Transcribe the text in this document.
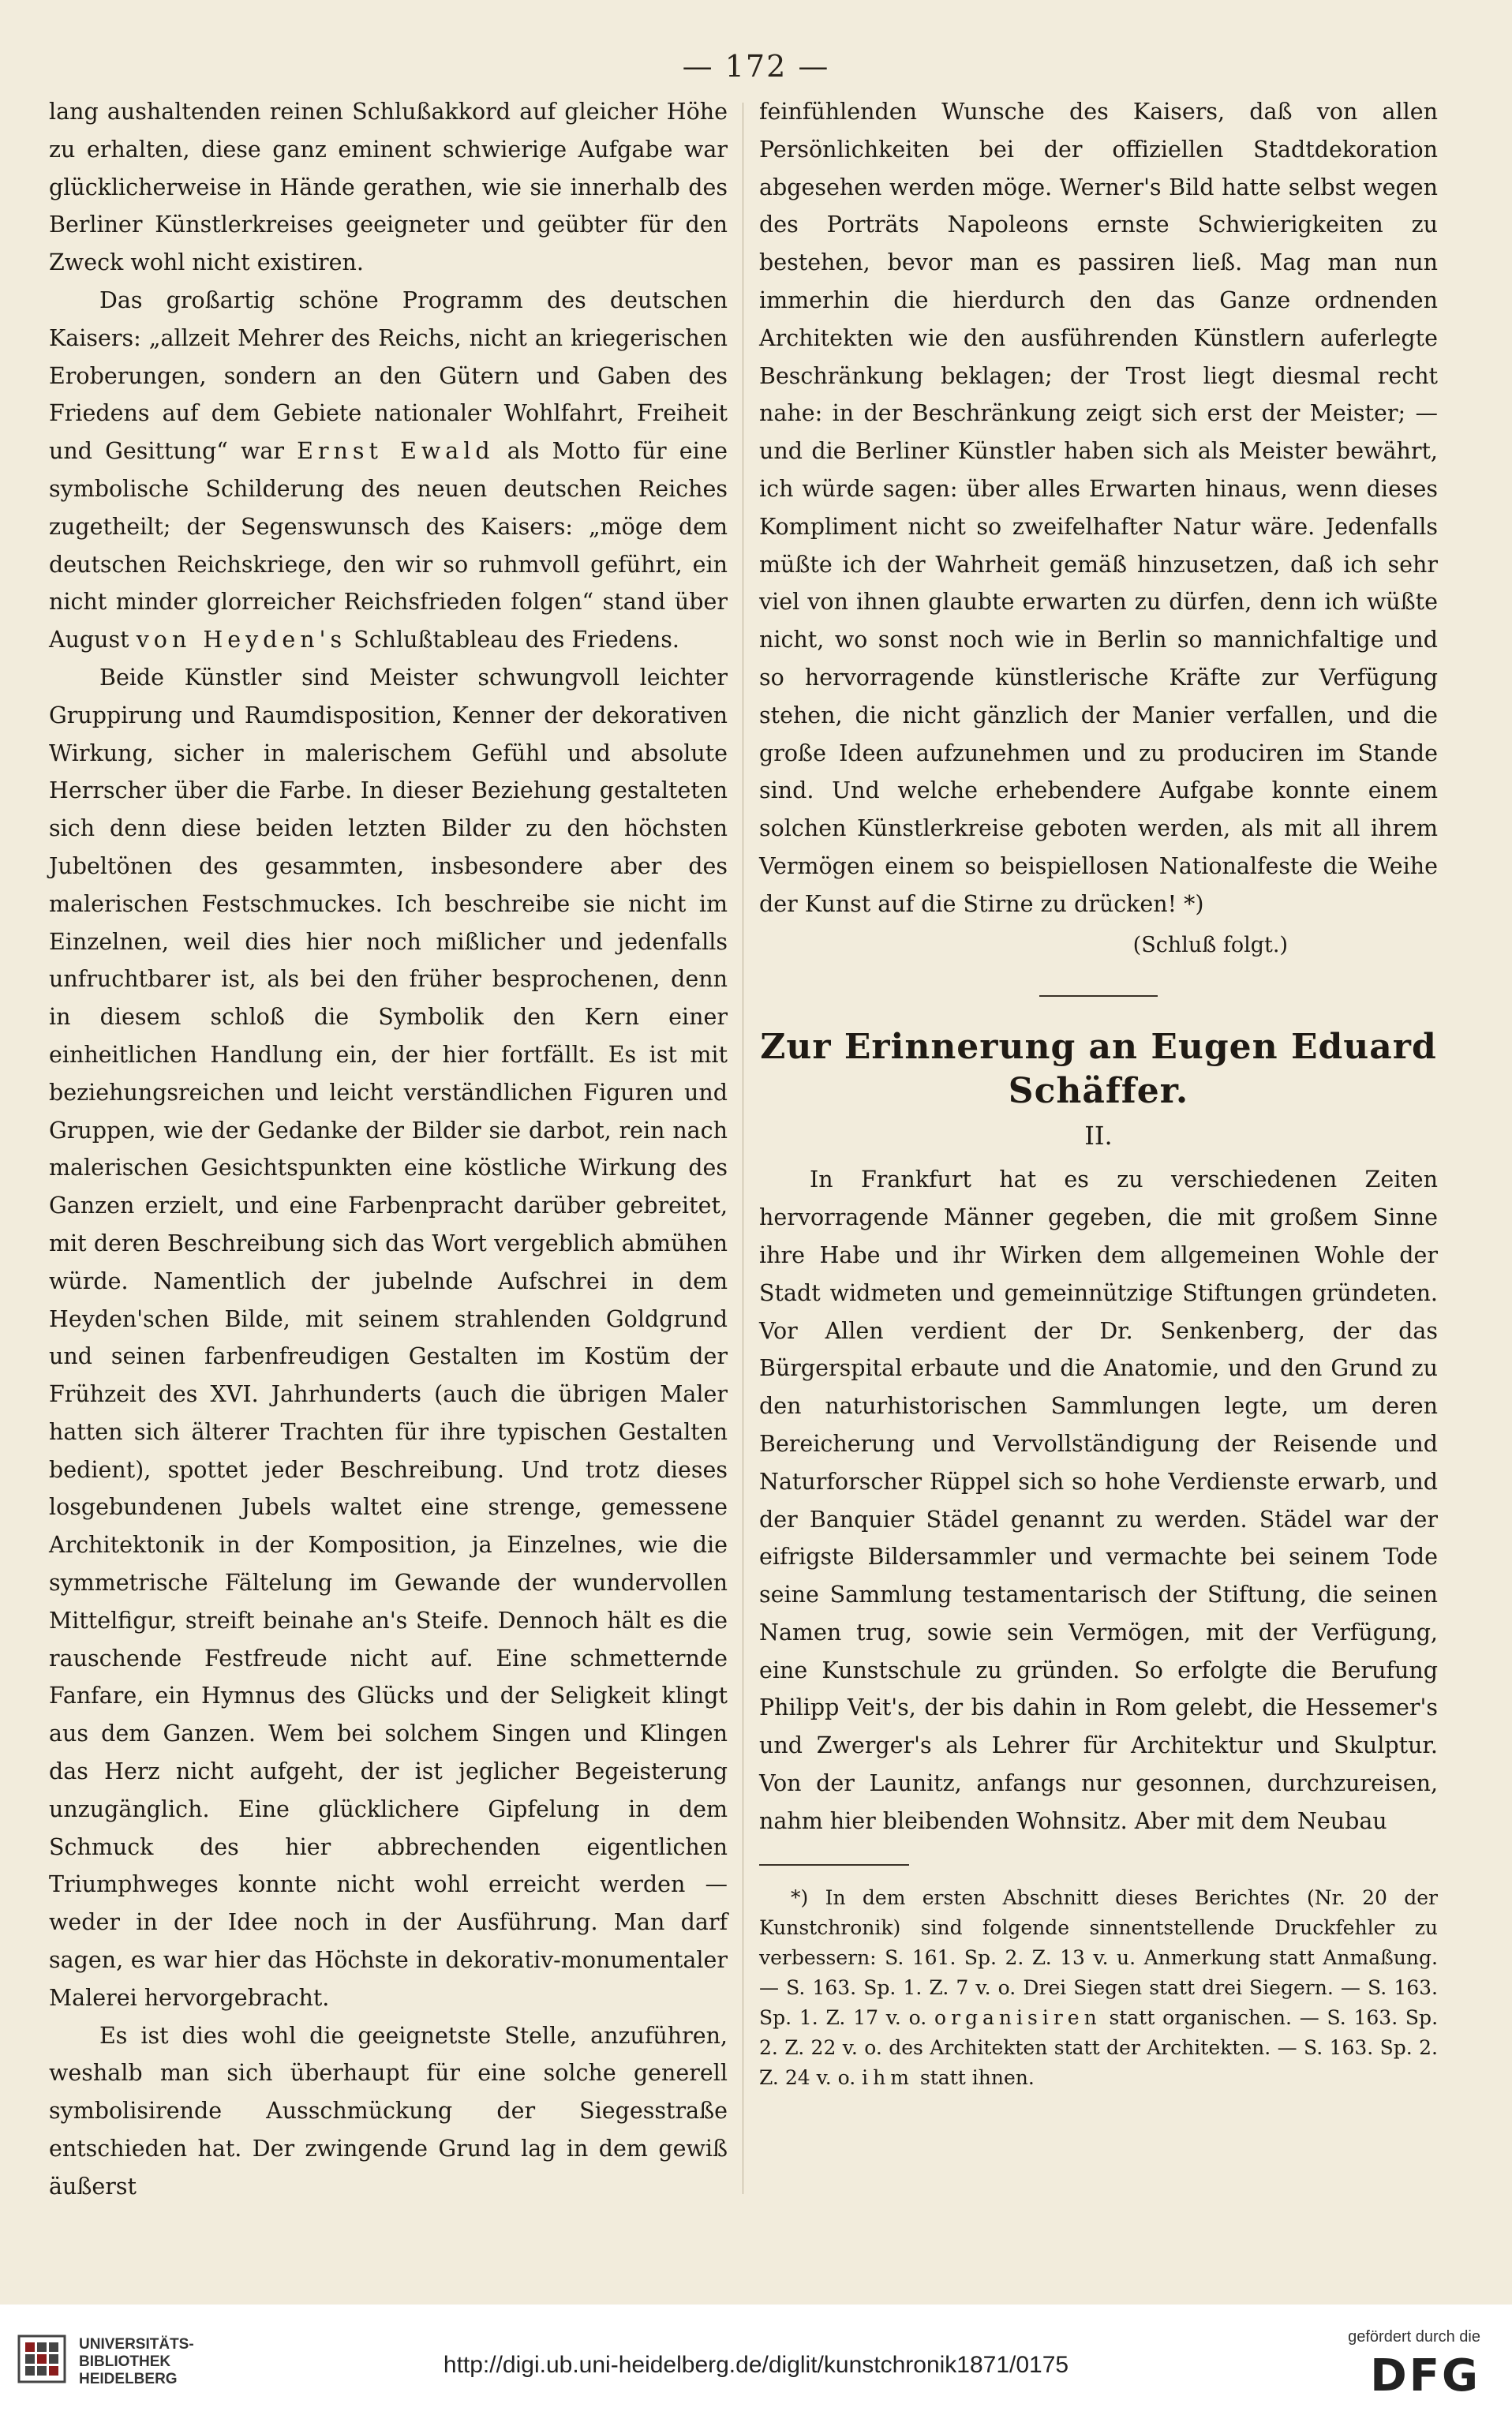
— 172 —

lang aushaltenden reinen Schlußakkord auf gleicher Höhe zu erhalten, diese ganz eminent schwierige Aufgabe war glücklicherweise in Hände gerathen, wie sie innerhalb des Berliner Künstlerkreises geeigneter und geübter für den Zweck wohl nicht existiren.

Das großartig schöne Programm des deutschen Kaisers: „allzeit Mehrer des Reichs, nicht an kriegerischen Eroberungen, sondern an den Gütern und Gaben des Friedens auf dem Gebiete nationaler Wohlfahrt, Freiheit und Gesittung“ war Ernst Ewald als Motto für eine symbolische Schilderung des neuen deutschen Reiches zugetheilt; der Segenswunsch des Kaisers: „möge dem deutschen Reichskriege, den wir so ruhmvoll geführt, ein nicht minder glorreicher Reichsfrieden folgen“ stand über August von Heyden's Schlußtableau des Friedens.

Beide Künstler sind Meister schwungvoll leichter Gruppirung und Raumdisposition, Kenner der dekorativen Wirkung, sicher in malerischem Gefühl und absolute Herrscher über die Farbe. In dieser Beziehung gestalteten sich denn diese beiden letzten Bilder zu den höchsten Jubeltönen des gesammten, insbesondere aber des malerischen Festschmuckes. Ich beschreibe sie nicht im Einzelnen, weil dies hier noch mißlicher und jedenfalls unfruchtbarer ist, als bei den früher besprochenen, denn in diesem schloß die Symbolik den Kern einer einheitlichen Handlung ein, der hier fortfällt. Es ist mit beziehungsreichen und leicht verständlichen Figuren und Gruppen, wie der Gedanke der Bilder sie darbot, rein nach malerischen Gesichtspunkten eine köstliche Wirkung des Ganzen erzielt, und eine Farbenpracht darüber gebreitet, mit deren Beschreibung sich das Wort vergeblich abmühen würde. Namentlich der jubelnde Aufschrei in dem Heyden'schen Bilde, mit seinem strahlenden Goldgrund und seinen farbenfreudigen Gestalten im Kostüm der Frühzeit des XVI. Jahrhunderts (auch die übrigen Maler hatten sich älterer Trachten für ihre typischen Gestalten bedient), spottet jeder Beschreibung. Und trotz dieses losgebundenen Jubels waltet eine strenge, gemessene Architektonik in der Komposition, ja Einzelnes, wie die symmetrische Fältelung im Gewande der wundervollen Mittelfigur, streift beinahe an's Steife. Dennoch hält es die rauschende Festfreude nicht auf. Eine schmetternde Fanfare, ein Hymnus des Glücks und der Seligkeit klingt aus dem Ganzen. Wem bei solchem Singen und Klingen das Herz nicht aufgeht, der ist jeglicher Begeisterung unzugänglich. Eine glücklichere Gipfelung in dem Schmuck des hier abbrechenden eigentlichen Triumphweges konnte nicht wohl erreicht werden — weder in der Idee noch in der Ausführung. Man darf sagen, es war hier das Höchste in dekorativ-monumentaler Malerei hervorgebracht.

Es ist dies wohl die geeignetste Stelle, anzuführen, weshalb man sich überhaupt für eine solche generell symbolisirende Ausschmückung der Siegesstraße entschieden hat. Der zwingende Grund lag in dem gewiß äußerst

feinfühlenden Wunsche des Kaisers, daß von allen Persönlichkeiten bei der offiziellen Stadtdekoration abgesehen werden möge. Werner's Bild hatte selbst wegen des Porträts Napoleons ernste Schwierigkeiten zu bestehen, bevor man es passiren ließ. Mag man nun immerhin die hierdurch den das Ganze ordnenden Architekten wie den ausführenden Künstlern auferlegte Beschränkung beklagen; der Trost liegt diesmal recht nahe: in der Beschränkung zeigt sich erst der Meister; — und die Berliner Künstler haben sich als Meister bewährt, ich würde sagen: über alles Erwarten hinaus, wenn dieses Kompliment nicht so zweifelhafter Natur wäre. Jedenfalls müßte ich der Wahrheit gemäß hinzusetzen, daß ich sehr viel von ihnen glaubte erwarten zu dürfen, denn ich wüßte nicht, wo sonst noch wie in Berlin so mannichfaltige und so hervorragende künstlerische Kräfte zur Verfügung stehen, die nicht gänzlich der Manier verfallen, und die große Ideen aufzunehmen und zu produciren im Stande sind. Und welche erhebendere Aufgabe konnte einem solchen Künstlerkreise geboten werden, als mit all ihrem Vermögen einem so beispiellosen Nationalfeste die Weihe der Kunst auf die Stirne zu drücken! *)

(Schluß folgt.)
Zur Erinnerung an Eugen Eduard Schäffer.
II.

In Frankfurt hat es zu verschiedenen Zeiten hervorragende Männer gegeben, die mit großem Sinne ihre Habe und ihr Wirken dem allgemeinen Wohle der Stadt widmeten und gemeinnützige Stiftungen gründeten. Vor Allen verdient der Dr. Senkenberg, der das Bürgerspital erbaute und die Anatomie, und den Grund zu den naturhistorischen Sammlungen legte, um deren Bereicherung und Vervollständigung der Reisende und Naturforscher Rüppel sich so hohe Verdienste erwarb, und der Banquier Städel genannt zu werden. Städel war der eifrigste Bildersammler und vermachte bei seinem Tode seine Sammlung testamentarisch der Stiftung, die seinen Namen trug, sowie sein Vermögen, mit der Verfügung, eine Kunstschule zu gründen. So erfolgte die Berufung Philipp Veit's, der bis dahin in Rom gelebt, die Hessemer's und Zwerger's als Lehrer für Architektur und Skulptur. Von der Launitz, anfangs nur gesonnen, durchzureisen, nahm hier bleibenden Wohnsitz. Aber mit dem Neubau

*) In dem ersten Abschnitt dieses Berichtes (Nr. 20 der Kunstchronik) sind folgende sinnentstellende Druckfehler zu verbessern: S. 161. Sp. 2. Z. 13 v. u. Anmerkung statt Anmaßung. — S. 163. Sp. 1. Z. 7 v. o. Drei Siegen statt drei Siegern. — S. 163. Sp. 1. Z. 17 v. o. organisiren statt organischen. — S. 163. Sp. 2. Z. 22 v. o. des Architekten statt der Architekten. — S. 163. Sp. 2. Z. 24 v. o. ihm statt ihnen.

UNIVERSITÄTS-
BIBLIOTHEK
HEIDELBERG
http://digi.ub.uni-heidelberg.de/diglit/kunstchronik1871/0175
gefördert durch die
DFG
